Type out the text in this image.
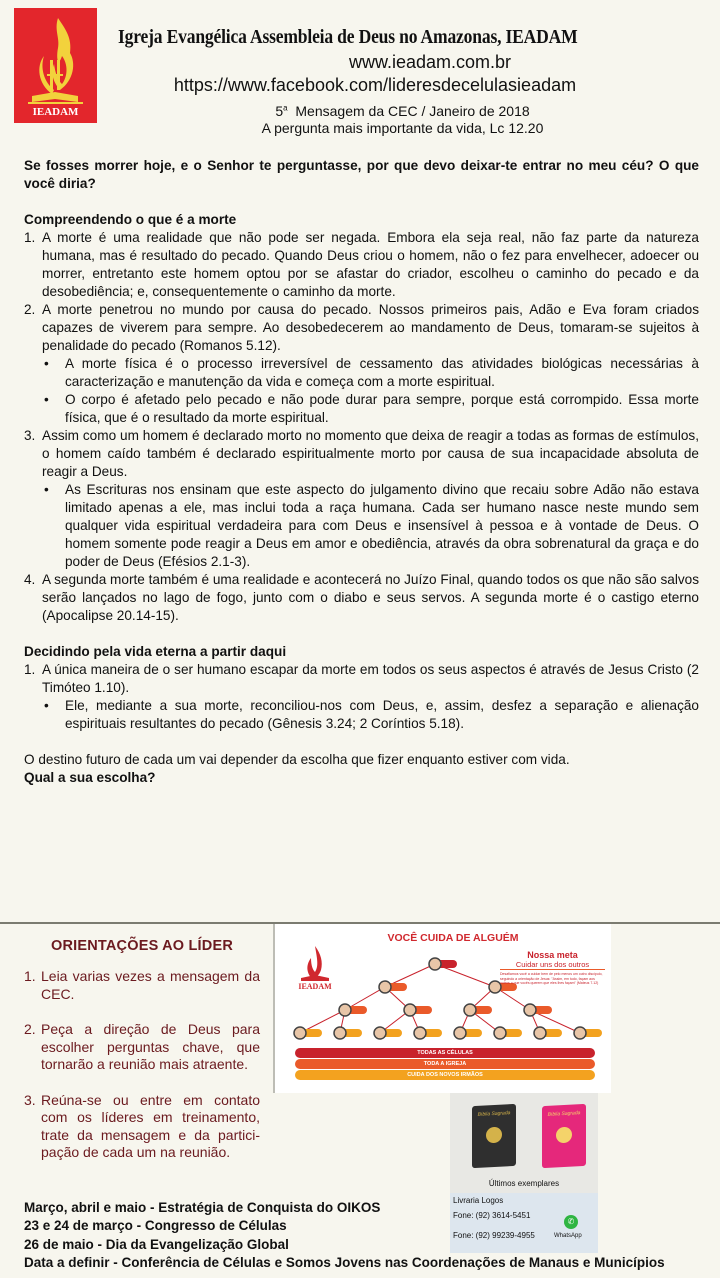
IEADAM
Igreja Evangélica Assembleia de Deus no Amazonas, IEADAM
www.ieadam.com.br
https://www.facebook.com/lideresdecelulasieadam
5$^a$  Mensagem da CEC / Janeiro de 2018
A pergunta mais importante da vida, Lc 12.20

Se fosses morrer hoje, e o Senhor te perguntasse, por que devo deixar-te entrar no meu céu? O que você diria?

Compreendendo o que é a morte

1. A morte é uma realidade que não pode ser negada. Embora ela seja real, não faz parte da natureza humana, mas é resultado do pecado. Quando Deus criou o homem, não o fez para envelhecer, adoecer ou morrer, entretanto este homem optou por se afastar do criador, escolheu o caminho do pecado e da desobediência; e, consequentemente o caminho da morte.
2. A morte penetrou no mundo por causa do pecado. Nossos primeiros pais, Adão e Eva foram criados capazes de viverem para sempre. Ao desobedecerem ao mandamento de Deus, tomaram-se sujeitos à penalidade do pecado (Romanos 5.12).
• A morte física é o processo irreversível de cessamento das atividades biológicas necessárias à caracterização e manutenção da vida e começa com a morte espiritual.
• O corpo é afetado pelo pecado e não pode durar para sempre, porque está corrompido. Essa morte física, que é o resultado da morte espiritual.
3. Assim como um homem é declarado morto no momento que deixa de reagir a todas as formas de estímulos, o homem caído também é declarado espiritualmente morto por causa de sua incapacidade absoluta de reagir a Deus.
• As Escrituras nos ensinam que este aspecto do julgamento divino que recaiu sobre Adão não estava limitado apenas a ele, mas inclui toda a raça humana. Cada ser humano nasce neste mundo sem qualquer vida espiritual verdadeira para com Deus e insensível à pessoa e à vontade de Deus. O homem somente pode reagir a Deus em amor e obediência, através da obra sobrenatural da graça e do poder de Deus (Efésios 2.1-3).
4. A segunda morte também é uma realidade e acontecerá no Juízo Final, quando todos os que não são salvos serão lançados no lago de fogo, junto com o diabo e seus servos. A segunda morte é o castigo eterno (Apocalipse 20.14-15).

Decidindo pela vida eterna a partir daqui

1. A única maneira de o ser humano escapar da morte em todos os seus aspectos é através de Jesus Cristo (2 Timóteo 1.10).
• Ele, mediante a sua morte, reconciliou-nos com Deus, e, assim, desfez a separação e alienação espirituais resultantes do pecado (Gênesis 3.24; 2 Coríntios 5.18).

O destino futuro de cada um vai depender da escolha que fizer enquanto estiver com vida.

Qual a sua escolha?

ORIENTAÇÕES AO LÍDER
1. Leia varias vezes a mensagem da CEC.
2. Peça a direção de Deus para escolher perguntas chave, que tornarão a reunião mais atraente.
3. Reúna-se ou entre em contato com os líderes em treinamento, trate da mensagem e da partici-pação de cada um na reunião.
VOCÊ CUIDA DE ALGUÉM
IEADAM
Nossa meta
Cuidar uns dos outros
Desafiamos você a cuidar bem de pelo menos um outro discípulo, seguindo a orientação de Jesus: "Assim, em tudo, façam aos outros o que vocês querem que eles lhes façam" (Mateus 7.12)
TODAS AS CÉLULAS
TODA A IGREJA
CUIDA DOS NOVOS IRMÃOS
Bíblia Sagrada	Bíblia Sagrada
Últimos exemplares
Livraria Logos
Fone: (92) 3614-5451
Fone: (92) 99239-4955
✆
WhatsApp
Março, abril e maio - Estratégia de Conquista do OIKOS
23 e 24 de março - Congresso de Células
26 de maio - Dia da Evangelização Global
Data a definir - Conferência de Células e Somos Jovens nas Coordenações de Manaus e Municípios
